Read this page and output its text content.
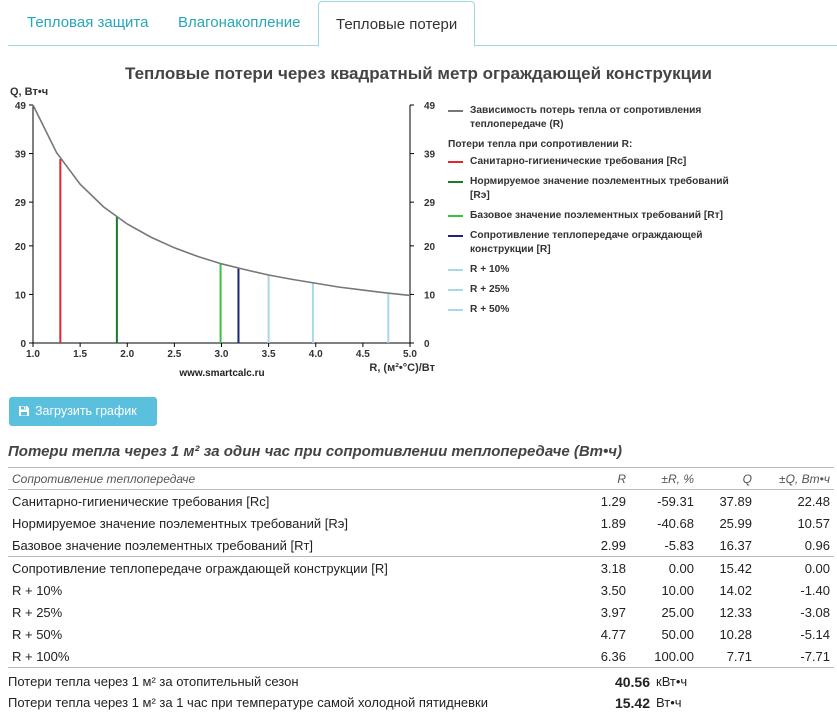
Тепловая защита	Влагонакопление	Тепловые потери
Тепловые потери через квадратный метр ограждающей конструкции
0	0
10	10
20	20
29	29
39	39
49	49
1.0	1.5	2.0	2.5	3.0	3.5	4.0	4.5	5.0
Q, Вт•ч
R, (м²•°С)/Вт
www.smartcalc.ru
Зависимость потерь тепла от сопротивления теплопередаче (R)
Потери тепла при сопротивлении R:
Санитарно-гигиенические требования [Rc]
Нормируемое значение поэлементных требований [Rэ]
Базовое значение поэлементных требований [Rт]
Сопротивление теплопередаче ограждающей конструкции [R]
R + 10%
R + 25%
R + 50%
Загрузить график
Потери тепла через 1 м² за один час при сопротивлении теплопередаче (Вт•ч)
Сопротивление теплопередаче	R	±R, %	Q	±Q, Вт•ч
Санитарно-гигиенические требования [Rc]	1.29	-59.31	37.89	22.48
Нормируемое значение поэлементных требований [Rэ]	1.89	-40.68	25.99	10.57
Базовое значение поэлементных требований [Rт]	2.99	-5.83	16.37	0.96
Сопротивление теплопередаче ограждающей конструкции [R]	3.18	0.00	15.42	0.00
R + 10%	3.50	10.00	14.02	-1.40
R + 25%	3.97	25.00	12.33	-3.08
R + 50%	4.77	50.00	10.28	-5.14
R + 100%	6.36	100.00	7.71	-7.71
Потери тепла через 1 м² за отопительный сезон	40.56 кВт•ч
Потери тепла через 1 м² за 1 час при температуре самой холодной пятидневки	15.42 Вт•ч
